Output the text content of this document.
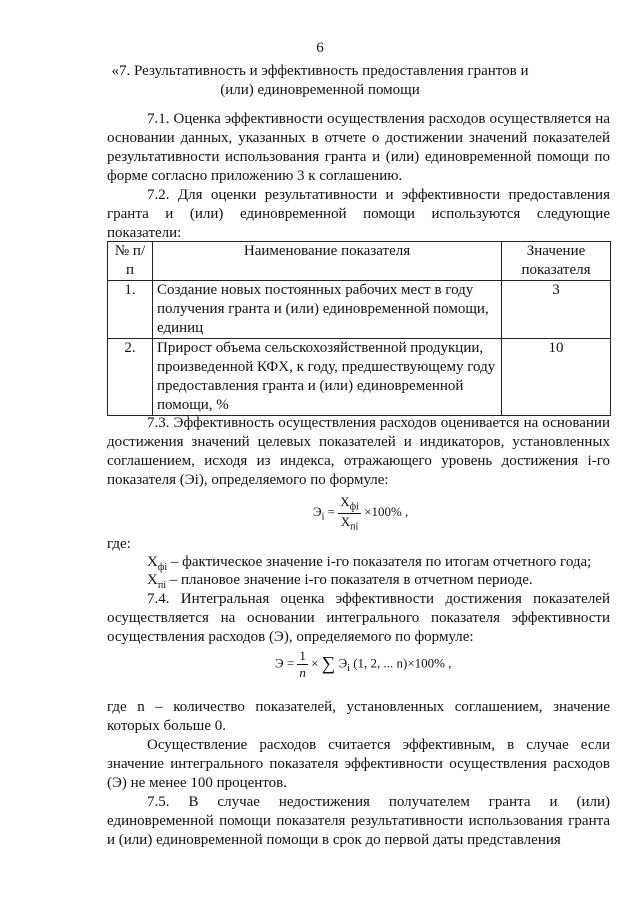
6
«7. Результативность и эффективность предоставления грантов и (или) единовременной помощи
7.1. Оценка эффективности осуществления расходов осуществляется на основании данных, указанных в отчете о достижении значений показателей результативности использования гранта и (или) единовременной помощи по форме согласно приложению 3 к соглашению.
7.2. Для оценки результативности и эффективности предоставления гранта и (или) единовременной помощи используются следующие показатели:
№ п/п	Наименование показателя	Значение показателя
1.	Создание новых постоянных рабочих мест в году получения гранта и (или) единовременной помощи, единиц	3
2.	Прирост объема сельскохозяйственной продукции, произведенной КФХ, к году, предшествующему году предоставления гранта и (или) единовременной помощи, %	10
7.3. Эффективность осуществления расходов оценивается на основании достижения значений целевых показателей и индикаторов, установленных соглашением, исходя из индекса, отражающего уровень достижения i-го показателя (Эi), определяемого по формуле:
$Э_i = \frac{Х_{фi}}{Х_{пi}} \times 100\%$ ,
где:
$Х_{фi}$ – фактическое значение i-го показателя по итогам отчетного года;
$Х_{пi}$ – плановое значение i-го показателя в отчетном периоде.
7.4. Интегральная оценка эффективности достижения показателей осуществляется на основании интегрального показателя эффективности осуществления расходов (Э), определяемого по формуле:
$Э = \frac{1}{n}$ × ∑ $Э_i$ (1, 2, ... n)×100% ,
где n – количество показателей, установленных соглашением, значение которых больше 0.
Осуществление расходов считается эффективным, в случае если значение интегрального показателя эффективности осуществления расходов (Э) не менее 100 процентов.
7.5. В случае недостижения получателем гранта и (или) единовременной помощи показателя результативности использования гранта и (или) единовременной помощи в срок до первой даты представления
